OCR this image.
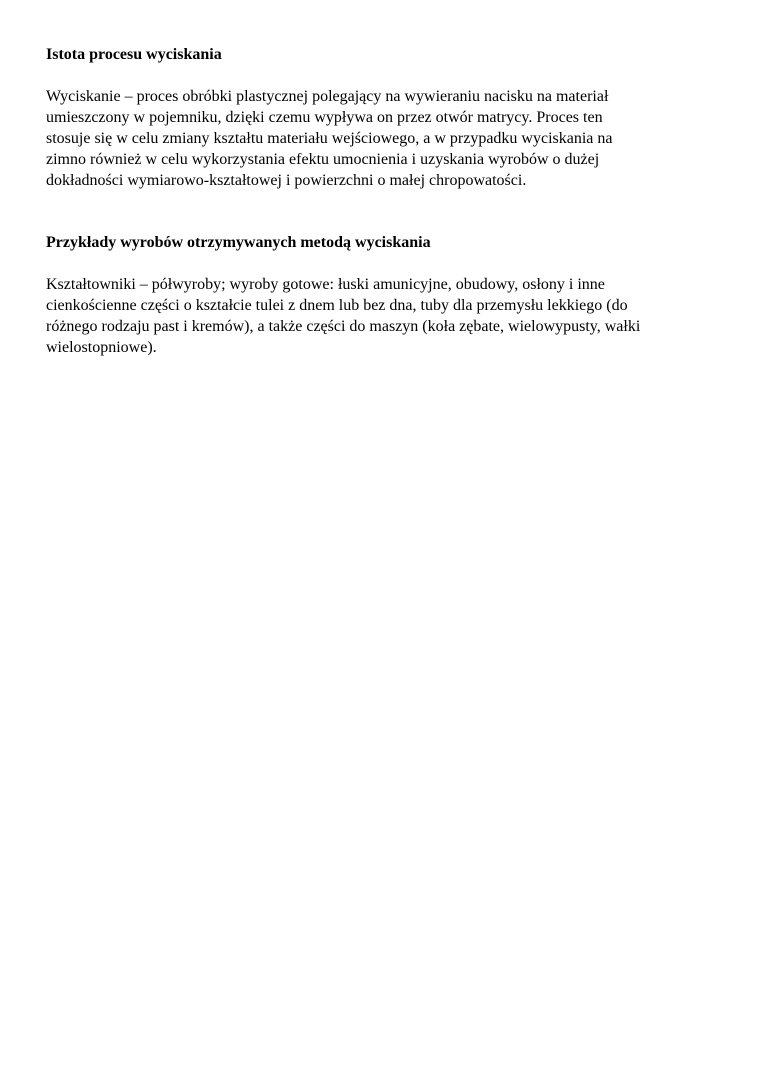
Istota procesu wyciskania

Wyciskanie – proces obróbki plastycznej polegający na wywieraniu nacisku na materiał
umieszczony w pojemniku, dzięki czemu wypływa on przez otwór matrycy. Proces ten
stosuje się w celu zmiany kształtu materiału wejściowego, a w przypadku wyciskania na
zimno również w celu wykorzystania efektu umocnienia i uzyskania wyrobów o dużej
dokładności wymiarowo-kształtowej i powierzchni o małej chropowatości.

Przykłady wyrobów otrzymywanych metodą wyciskania

Kształtowniki – półwyroby; wyroby gotowe: łuski amunicyjne, obudowy, osłony i inne
cienkościenne części o kształcie tulei z dnem lub bez dna, tuby dla przemysłu lekkiego (do
różnego rodzaju past i kremów), a także części do maszyn (koła zębate, wielowypusty, wałki
wielostopniowe).
